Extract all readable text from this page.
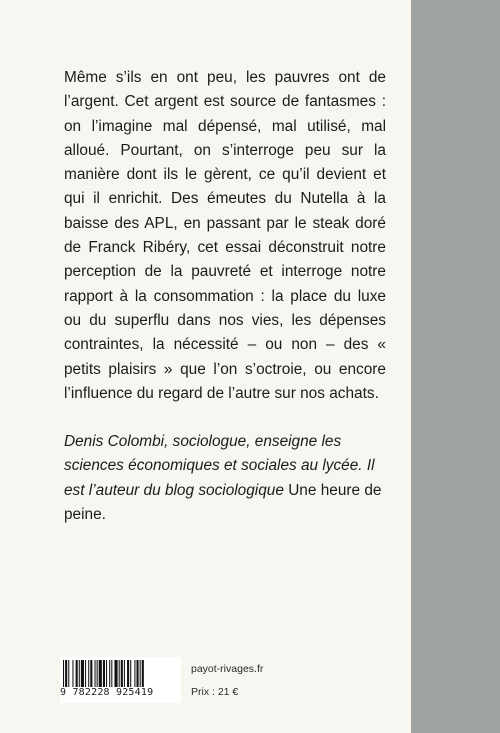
Même s’ils en ont peu, les pauvres ont de l’argent. Cet argent est source de fantasmes : on l’imagine mal dépensé, mal utilisé, mal alloué. Pourtant, on s’interroge peu sur la manière dont ils le gèrent, ce qu’il devient et qui il enrichit. Des émeutes du Nutella à la baisse des APL, en passant par le steak doré de Franck Ribéry, cet essai déconstruit notre perception de la pauvreté et interroge notre rapport à la consommation : la place du luxe ou du superflu dans nos vies, les dépenses contraintes, la nécessité – ou non – des « petits plaisirs » que l’on s’octroie, ou encore l’influence du regard de l’autre sur nos achats.

Denis Colombi, sociologue, enseigne les sciences économiques et sociales au lycée. Il est l’auteur du blog sociologique Une heure de peine.

9 782228 925419
payot-rivages.fr
Prix : 21 €
